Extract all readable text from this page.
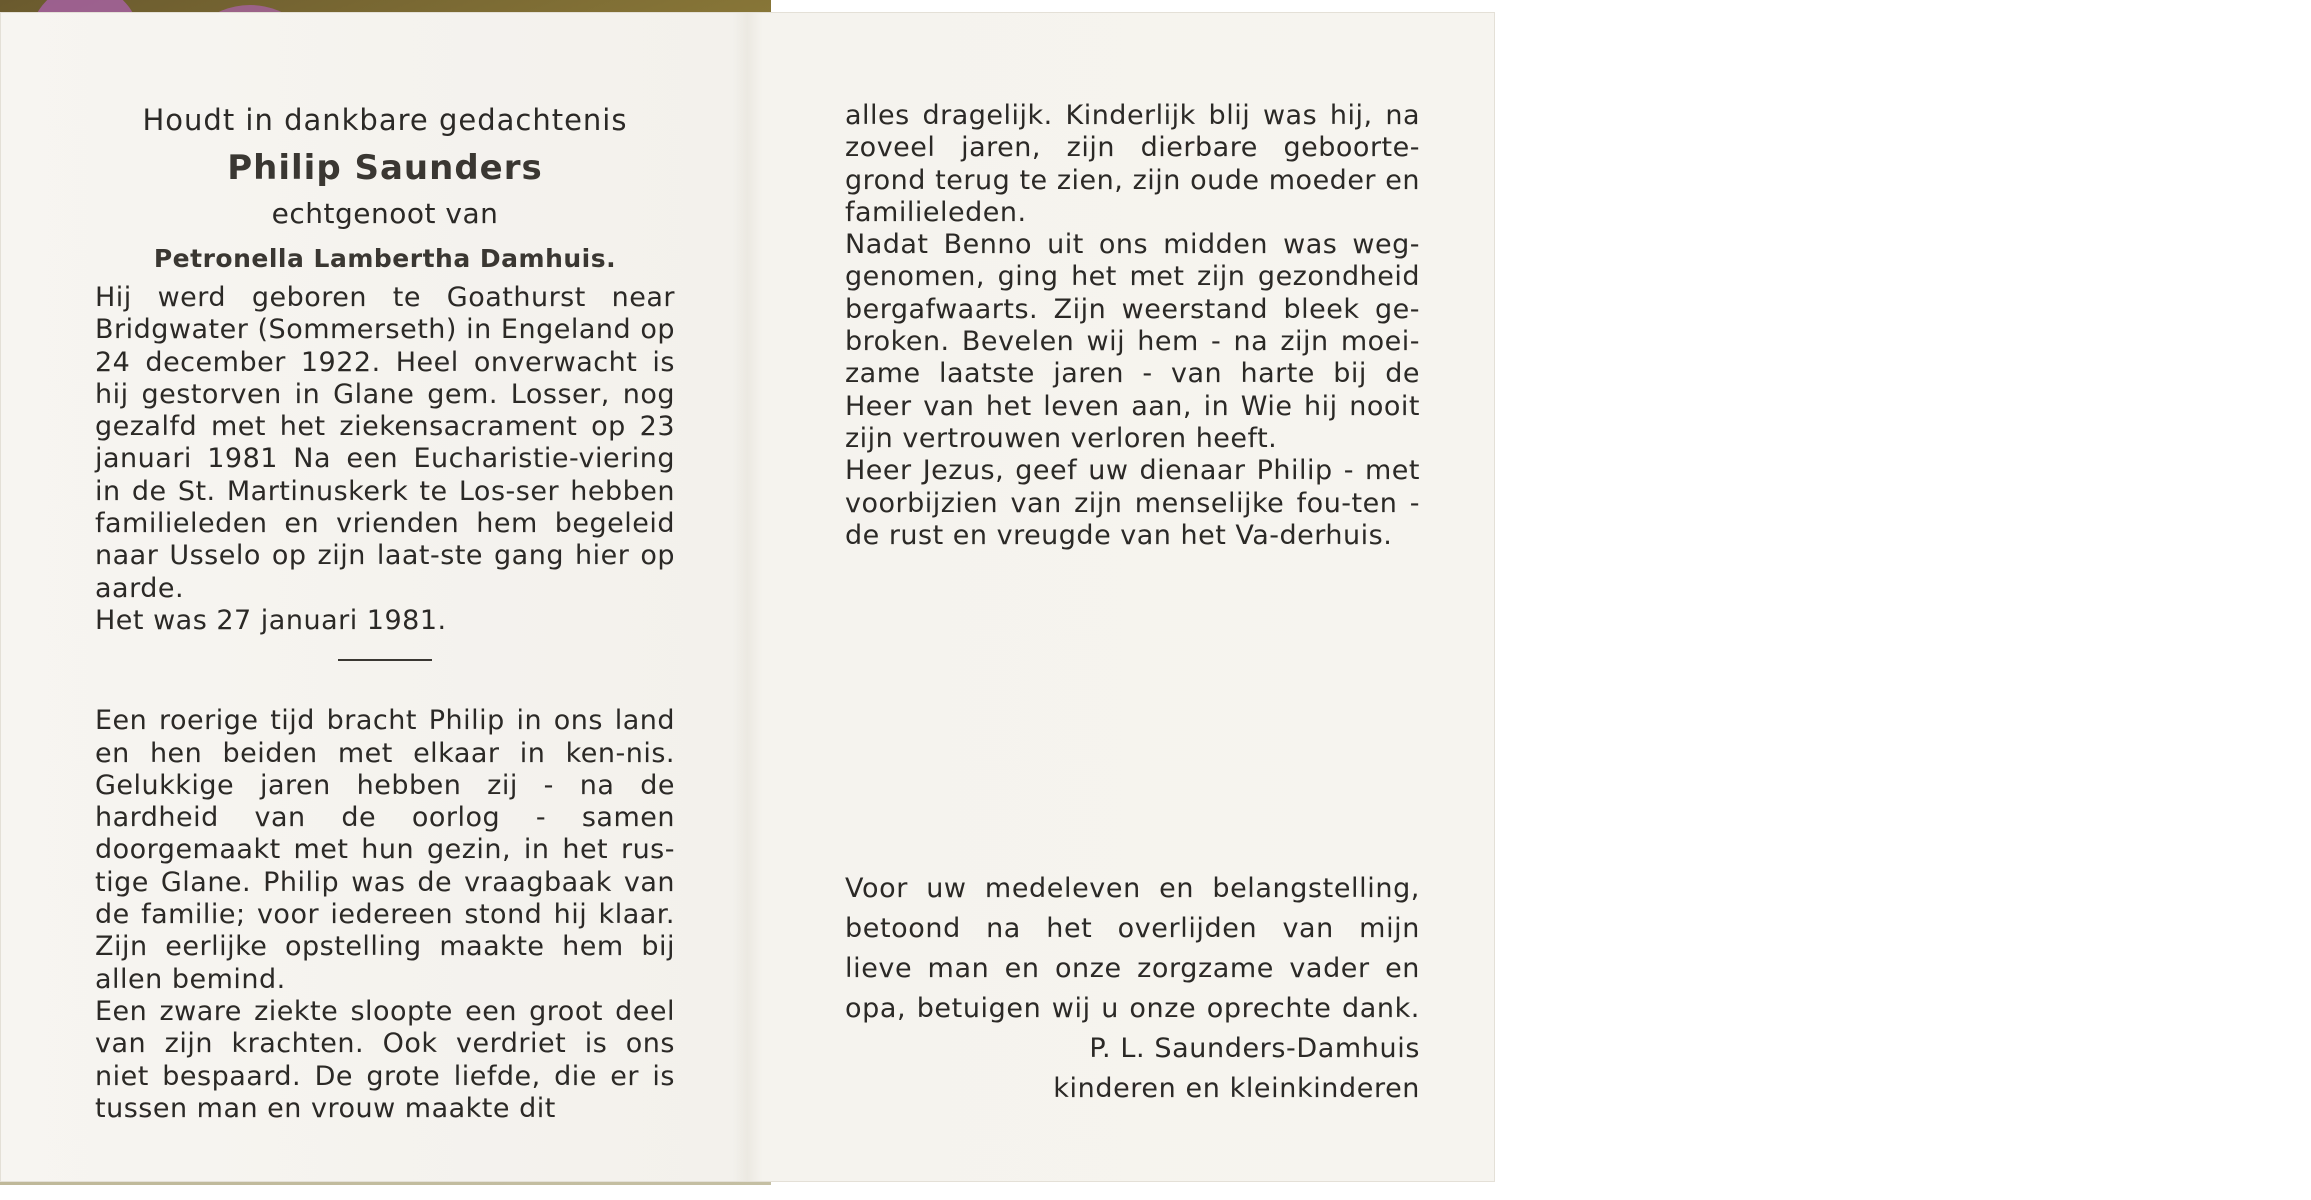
Houdt in dankbare gedachtenis
Philip Saunders
echtgenoot van
Petronella Lambertha Damhuis.

Hij werd geboren te Goathurst near Bridgwater (Sommerseth) in Engeland op 24 december 1922. Heel onverwacht is hij gestorven in Glane gem. Losser, nog gezalfd met het ziekensacrament op 23 januari 1981 Na een Eucharistie-viering in de St. Martinuskerk te Los-ser hebben familieleden en vrienden hem begeleid naar Usselo op zijn laat-ste gang hier op aarde.

Het was 27 januari 1981.

Een roerige tijd bracht Philip in ons land en hen beiden met elkaar in ken-nis. Gelukkige jaren hebben zij - na de hardheid van de oorlog - samen doorgemaakt met hun gezin, in het rus-tige Glane. Philip was de vraagbaak van de familie; voor iedereen stond hij klaar. Zijn eerlijke opstelling maakte hem bij allen bemind.

Een zware ziekte sloopte een groot deel van zijn krachten. Ook verdriet is ons niet bespaard. De grote liefde, die er is tussen man en vrouw maakte dit

alles dragelijk. Kinderlijk blij was hij, na zoveel jaren, zijn dierbare geboorte-grond terug te zien, zijn oude moeder en familieleden.

Nadat Benno uit ons midden was weg-genomen, ging het met zijn gezondheid bergafwaarts. Zijn weerstand bleek ge-broken. Bevelen wij hem - na zijn moei-zame laatste jaren - van harte bij de Heer van het leven aan, in Wie hij nooit zijn vertrouwen verloren heeft.

Heer Jezus, geef uw dienaar Philip - met voorbijzien van zijn menselijke fou-ten - de rust en vreugde van het Va-derhuis.

Voor uw medeleven en belangstelling,

betoond na het overlijden van mijn

lieve man en onze zorgzame vader en

opa, betuigen wij u onze oprechte dank.

P. L. Saunders-Damhuis

kinderen en kleinkinderen
